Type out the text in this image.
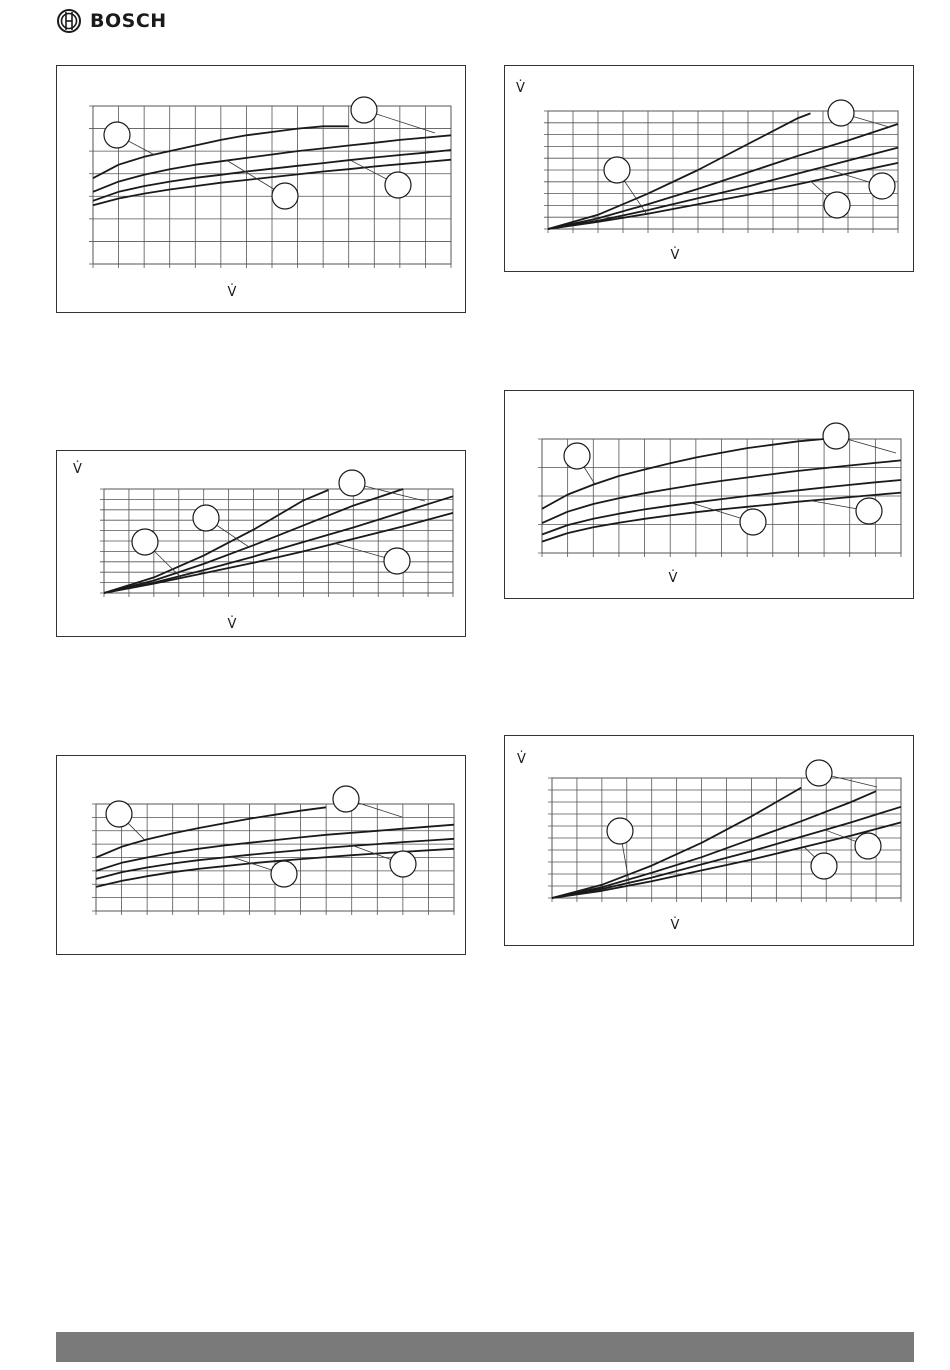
BOSCH
V̇
V̇
V̇
V̇
V̇
V̇
V̇
V̇
